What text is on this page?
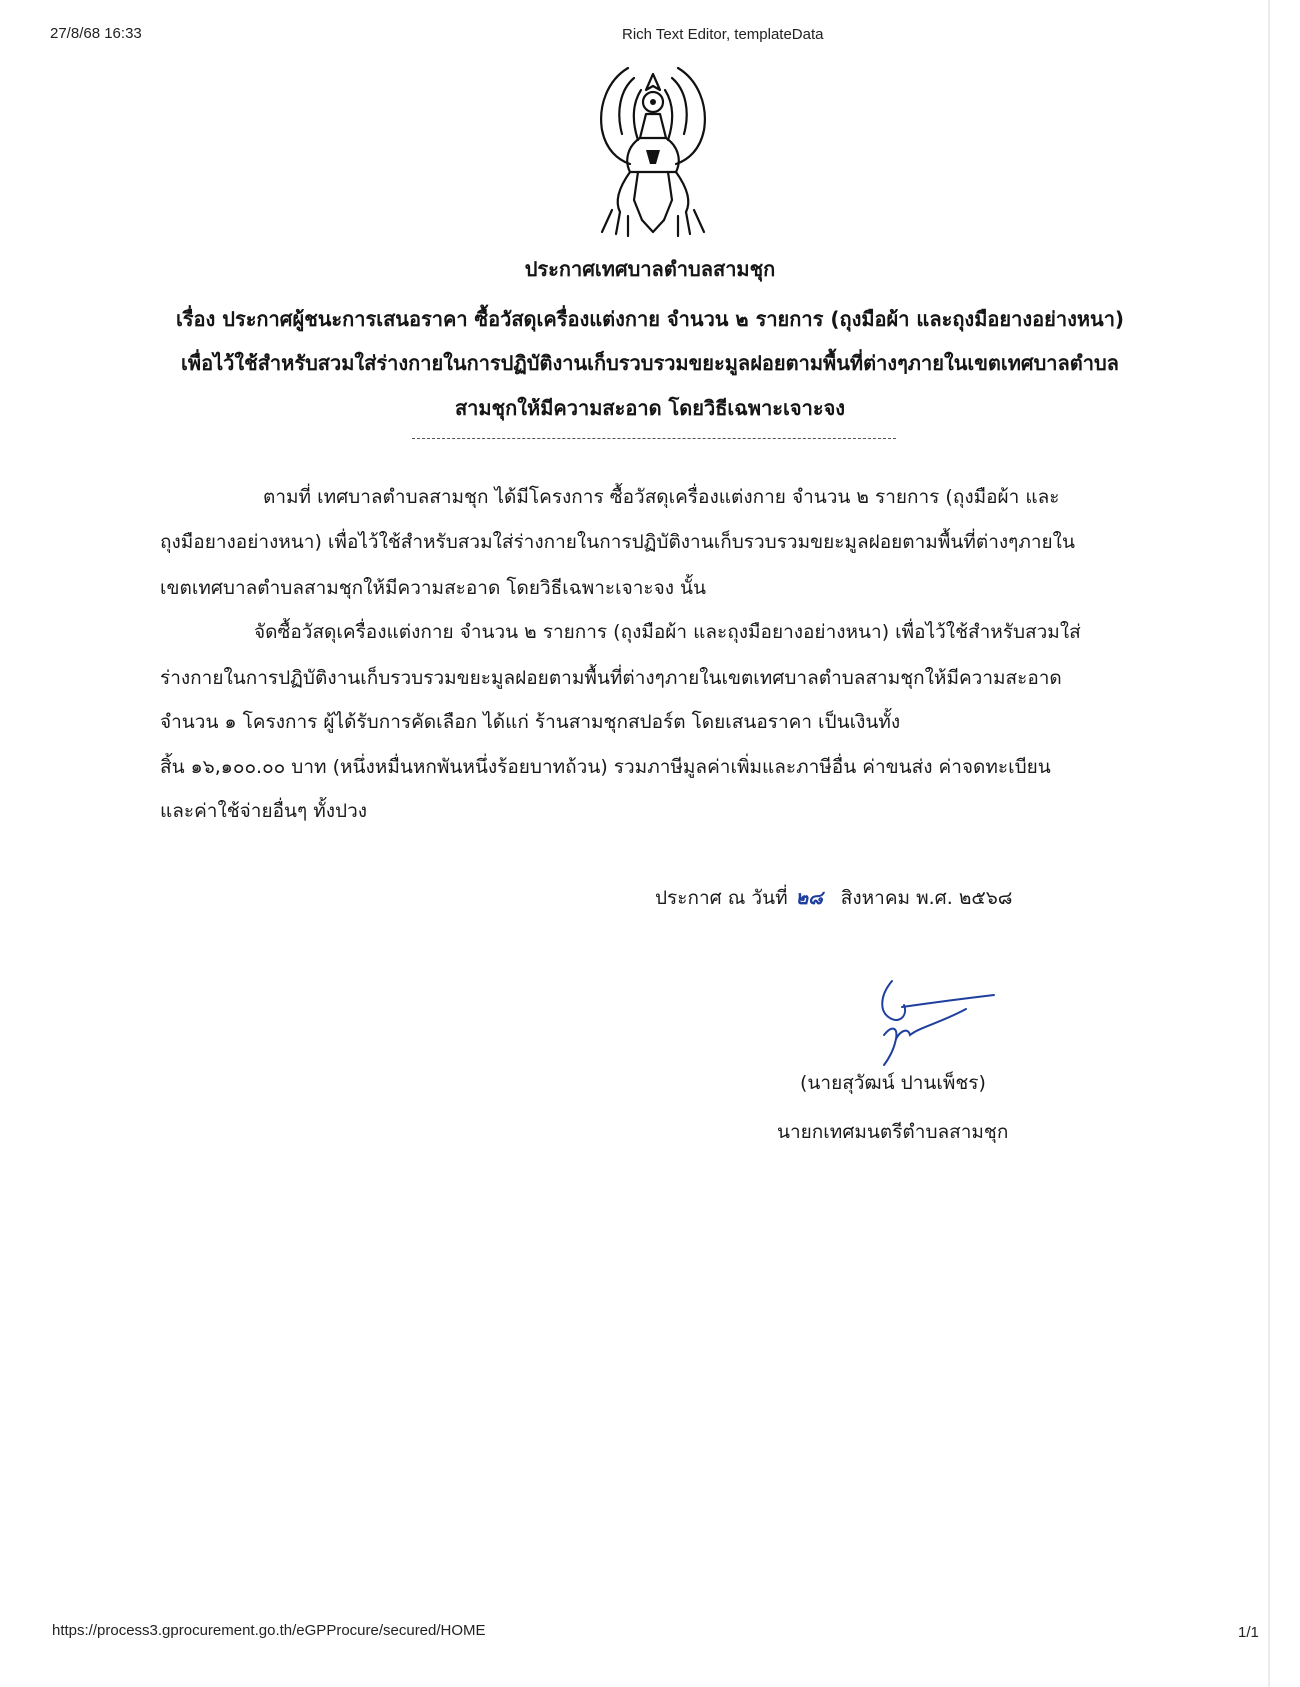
27/8/68 16:33	Rich Text Editor, templateData
ประกาศเทศบาลตำบลสามชุก
เรื่อง ประกาศผู้ชนะการเสนอราคา ซื้อวัสดุเครื่องแต่งกาย จำนวน ๒ รายการ (ถุงมือผ้า และถุงมือยางอย่างหนา)
เพื่อไว้ใช้สำหรับสวมใส่ร่างกายในการปฏิบัติงานเก็บรวบรวมขยะมูลฝอยตามพื้นที่ต่างๆภายในเขตเทศบาลตำบล
สามชุกให้มีความสะอาด โดยวิธีเฉพาะเจาะจง
ตามที่ เทศบาลตำบลสามชุก ได้มีโครงการ ซื้อวัสดุเครื่องแต่งกาย จำนวน ๒ รายการ (ถุงมือผ้า และ
ถุงมือยางอย่างหนา) เพื่อไว้ใช้สำหรับสวมใส่ร่างกายในการปฏิบัติงานเก็บรวบรวมขยะมูลฝอยตามพื้นที่ต่างๆภายใน
เขตเทศบาลตำบลสามชุกให้มีความสะอาด โดยวิธีเฉพาะเจาะจง นั้น
จัดซื้อวัสดุเครื่องแต่งกาย จำนวน ๒ รายการ (ถุงมือผ้า และถุงมือยางอย่างหนา) เพื่อไว้ใช้สำหรับสวมใส่
ร่างกายในการปฏิบัติงานเก็บรวบรวมขยะมูลฝอยตามพื้นที่ต่างๆภายในเขตเทศบาลตำบลสามชุกให้มีความสะอาด
จำนวน ๑ โครงการ ผู้ได้รับการคัดเลือก ได้แก่ ร้านสามชุกสปอร์ต โดยเสนอราคา เป็นเงินทั้ง
สิ้น ๑๖,๑๐๐.๐๐ บาท (หนึ่งหมื่นหกพันหนึ่งร้อยบาทถ้วน) รวมภาษีมูลค่าเพิ่มและภาษีอื่น ค่าขนส่ง ค่าจดทะเบียน
และค่าใช้จ่ายอื่นๆ ทั้งปวง
ประกาศ ณ วันที่ ๒๘ สิงหาคม พ.ศ. ๒๕๖๘
(นายสุวัฒน์ ปานเพ็ชร)
นายกเทศมนตรีตำบลสามชุก
https://process3.gprocurement.go.th/eGPProcure/secured/HOME	1/1
